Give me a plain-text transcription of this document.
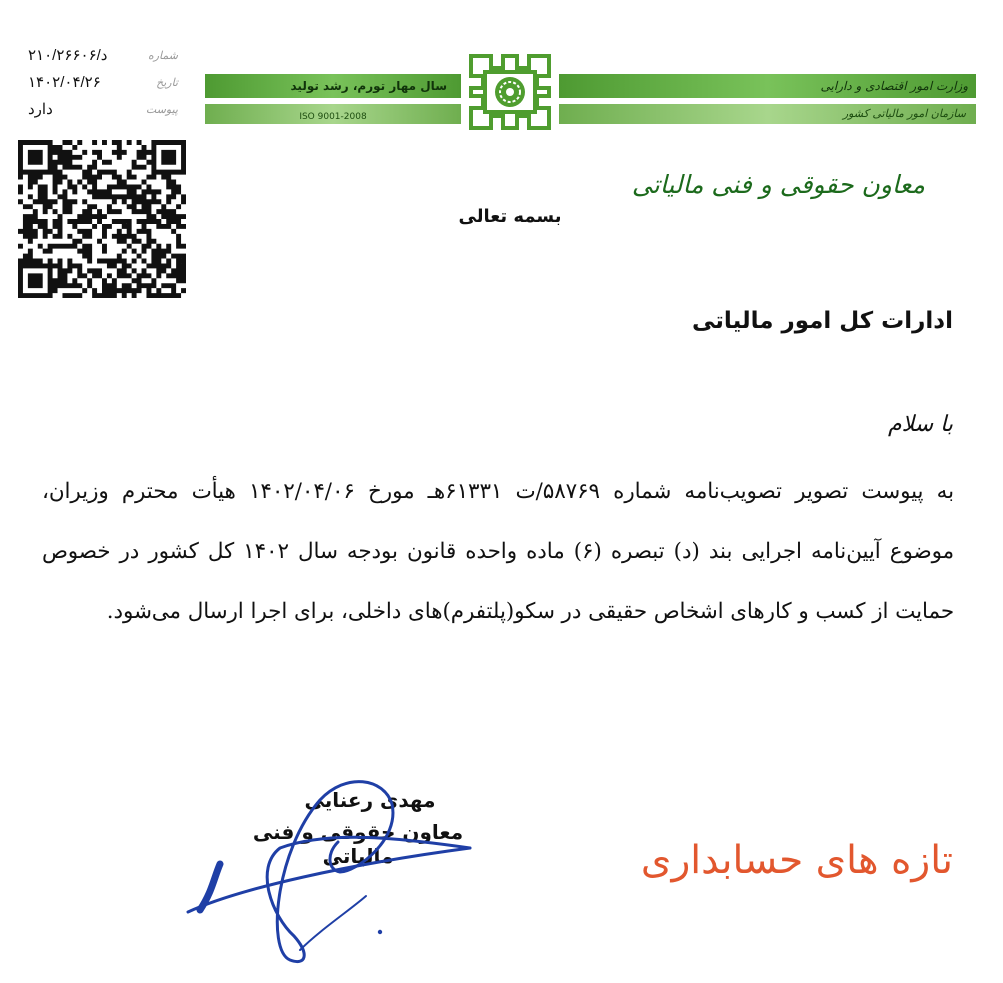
شماره
د/۲۱۰/۲۶۶۰۶
تاریخ
۱۴۰۲/۰۴/۲۶
پیوست
دارد
سال مهار تورم، رشد تولید
ISO 9001-2008
وزارت امور اقتصادی و دارایی
سازمان امور مالیاتی کشور
معاون حقوقی و فنی مالیاتی
بسمه تعالی
ادارات کل امور مالیاتی
با سلام
به پیوست تصویر تصویب‌نامه شماره ۵۸۷۶۹/ت ۶۱۳۳۱هـ مورخ ۱۴۰۲/۰۴/۰۶ هیأت محترم وزیران، موضوع آیین‌نامه اجرایی بند (د) تبصره (۶) ماده واحده قانون بودجه سال ۱۴۰۲ کل کشور در خصوص حمایت از کسب و کارهای اشخاص حقیقی در سکو(پلتفرم)های داخلی، برای اجرا ارسال می‌شود.
مهدی رعنایی
معاون حقوقی و فنی مالیاتی	تازه های حسابداری
